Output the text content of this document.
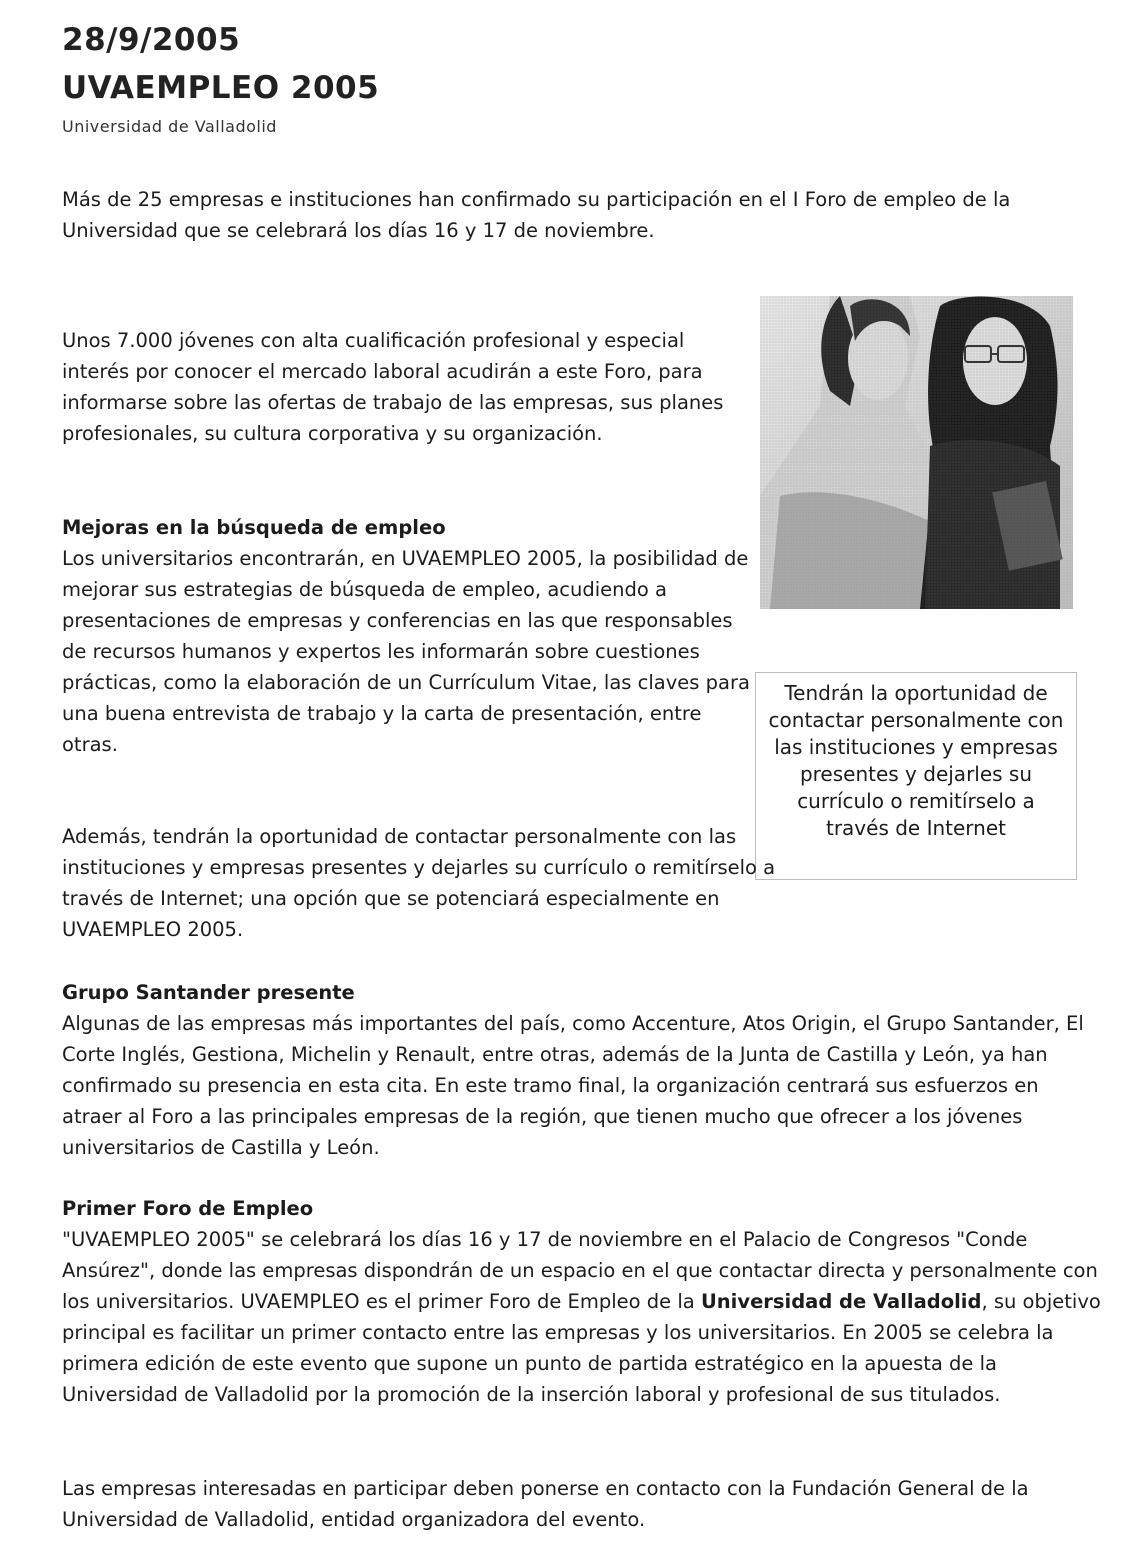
28/9/2005
UVAEMPLEO 2005
Universidad de Valladolid

Más de 25 empresas e instituciones han confirmado su participación en el I Foro de empleo de la Universidad que se celebrará los días 16 y 17 de noviembre.

Unos 7.000 jóvenes con alta cualificación profesional y especial interés por conocer el mercado laboral acudirán a este Foro, para informarse sobre las ofertas de trabajo de las empresas, sus planes profesionales, su cultura corporativa y su organización.

Mejoras en la búsqueda de empleo
Los universitarios encontrarán, en UVAEMPLEO 2005, la posibilidad de mejorar sus estrategias de búsqueda de empleo, acudiendo a presentaciones de empresas y conferencias en las que responsables de recursos humanos y expertos les informarán sobre cuestiones prácticas, como la elaboración de un Currículum Vitae, las claves para una buena entrevista de trabajo y la carta de presentación, entre otras.

Tendrán la oportunidad de contactar personalmente con las instituciones y empresas presentes y dejarles su currículo o remitírselo a través de Internet

Además, tendrán la oportunidad de contactar personalmente con las instituciones y empresas presentes y dejarles su currículo o remitírselo a través de Internet; una opción que se potenciará especialmente en UVAEMPLEO 2005.

Grupo Santander presente
Algunas de las empresas más importantes del país, como Accenture, Atos Origin, el Grupo Santander, El Corte Inglés, Gestiona, Michelin y Renault, entre otras, además de la Junta de Castilla y León, ya han confirmado su presencia en esta cita. En este tramo final, la organización centrará sus esfuerzos en atraer al Foro a las principales empresas de la región, que tienen mucho que ofrecer a los jóvenes universitarios de Castilla y León.

Primer Foro de Empleo
"UVAEMPLEO 2005" se celebrará los días 16 y 17 de noviembre en el Palacio de Congresos "Conde Ansúrez", donde las empresas dispondrán de un espacio en el que contactar directa y personalmente con los universitarios. UVAEMPLEO es el primer Foro de Empleo de la Universidad de Valladolid, su objetivo principal es facilitar un primer contacto entre las empresas y los universitarios. En 2005 se celebra la primera edición de este evento que supone un punto de partida estratégico en la apuesta de la Universidad de Valladolid por la promoción de la inserción laboral y profesional de sus titulados.

Las empresas interesadas en participar deben ponerse en contacto con la Fundación General de la Universidad de Valladolid, entidad organizadora del evento.
